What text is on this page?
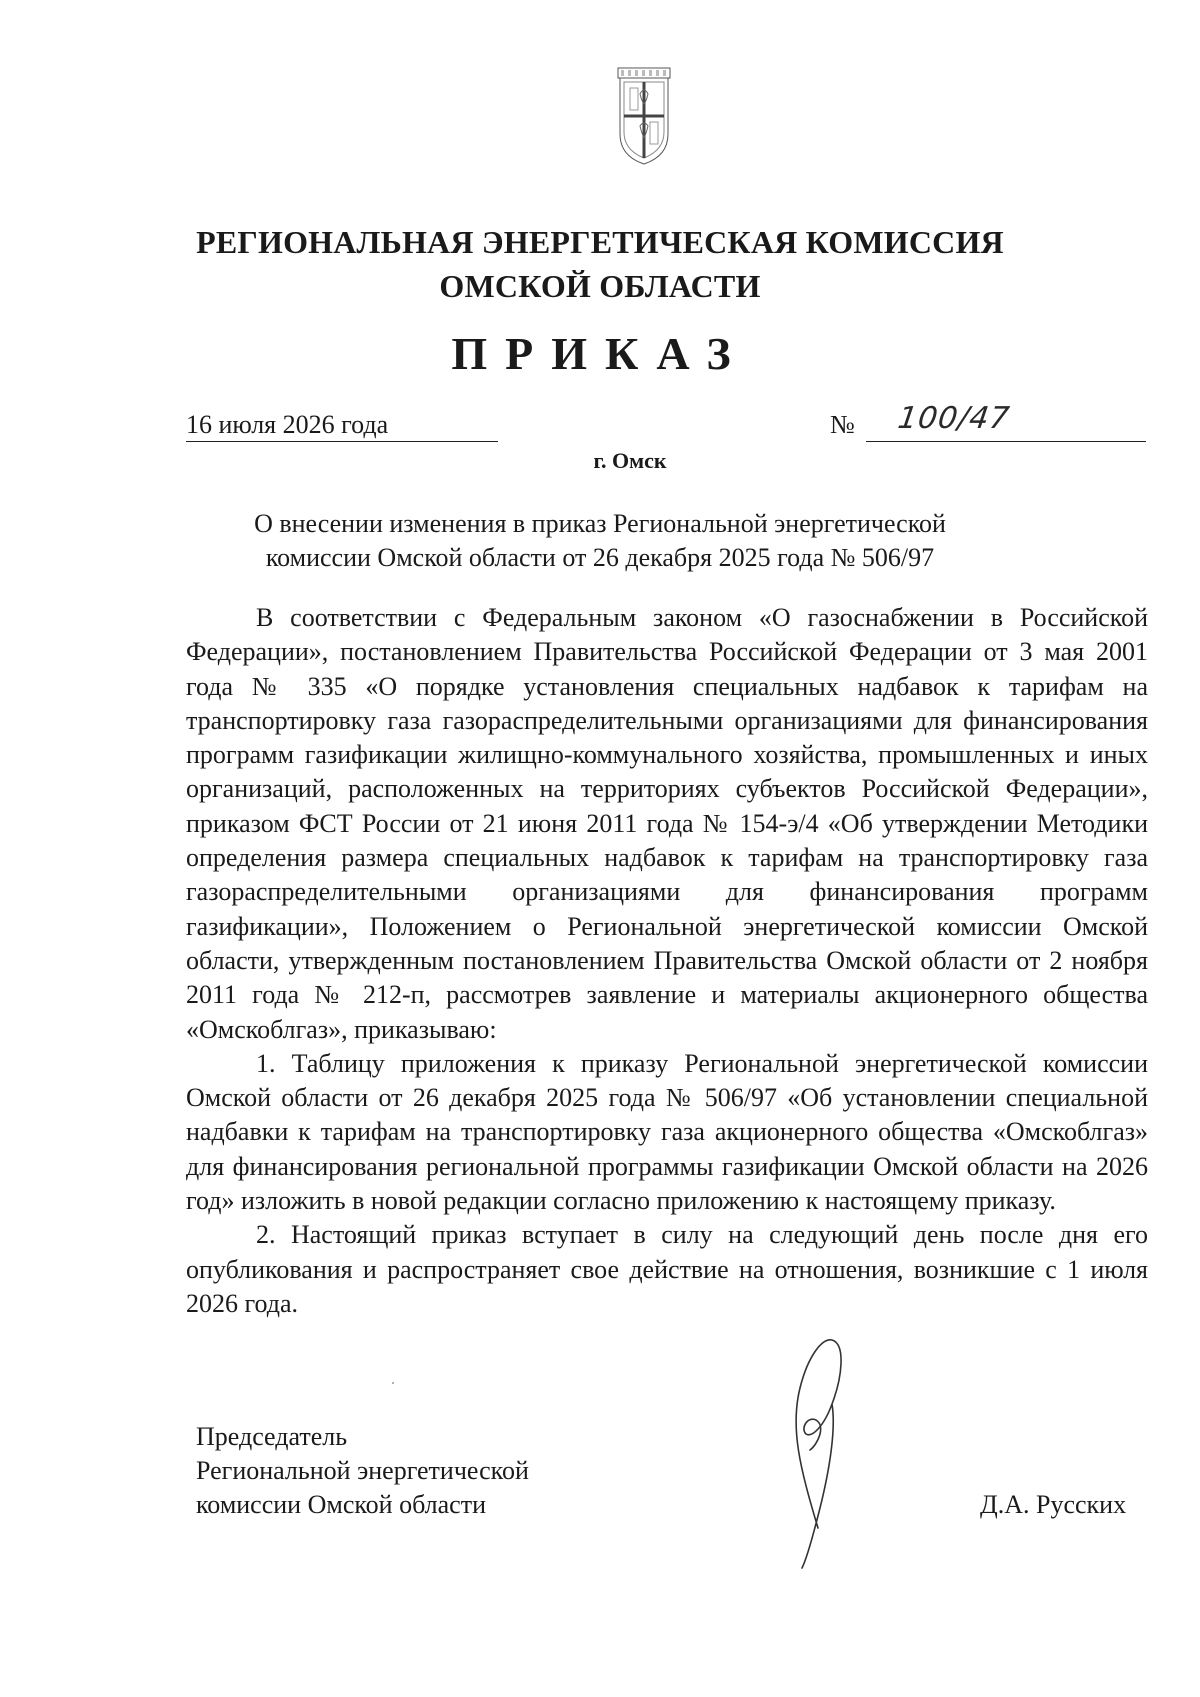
РЕГИОНАЛЬНАЯ ЭНЕРГЕТИЧЕСКАЯ КОМИССИЯ
ОМСКОЙ ОБЛАСТИ
ПРИКАЗ
16 июля 2026 года	№ 100/47
г. Омск
О внесении изменения в приказ Региональной энергетической
комиссии Омской области от 26 декабря 2025 года № 506/97

В соответствии с Федеральным законом «О газоснабжении в Российской Федерации», постановлением Правительства Российской Федерации от 3 мая 2001 года № 335 «О порядке установления специальных надбавок к тарифам на транспортировку газа газораспределительными организациями для финансирования программ газификации жилищно-коммунального хозяйства, промышленных и иных организаций, расположенных на территориях субъектов Российской Федерации», приказом ФСТ России от 21 июня 2011 года № 154-э/4 «Об утверждении Методики определения размера специальных надбавок к тарифам на транспортировку газа газораспределительными организациями для финансирования программ газификации», Положением о Региональной энергетической комиссии Омской области, утвержденным постановлением Правительства Омской области от 2 ноября 2011 года № 212-п, рассмотрев заявление и материалы акционерного общества «Омскоблгаз», приказываю:

1. Таблицу приложения к приказу Региональной энергетической комиссии Омской области от 26 декабря 2025 года № 506/97 «Об установлении специальной надбавки к тарифам на транспортировку газа акционерного общества «Омскоблгаз» для финансирования региональной программы газификации Омской области на 2026 год» изложить в новой редакции согласно приложению к настоящему приказу.

2. Настоящий приказ вступает в силу на следующий день после дня его опубликования и распространяет свое действие на отношения, возникшие с 1 июля 2026 года.

Председатель
Региональной энергетической
комиссии Омской области	Д.А. Русских
